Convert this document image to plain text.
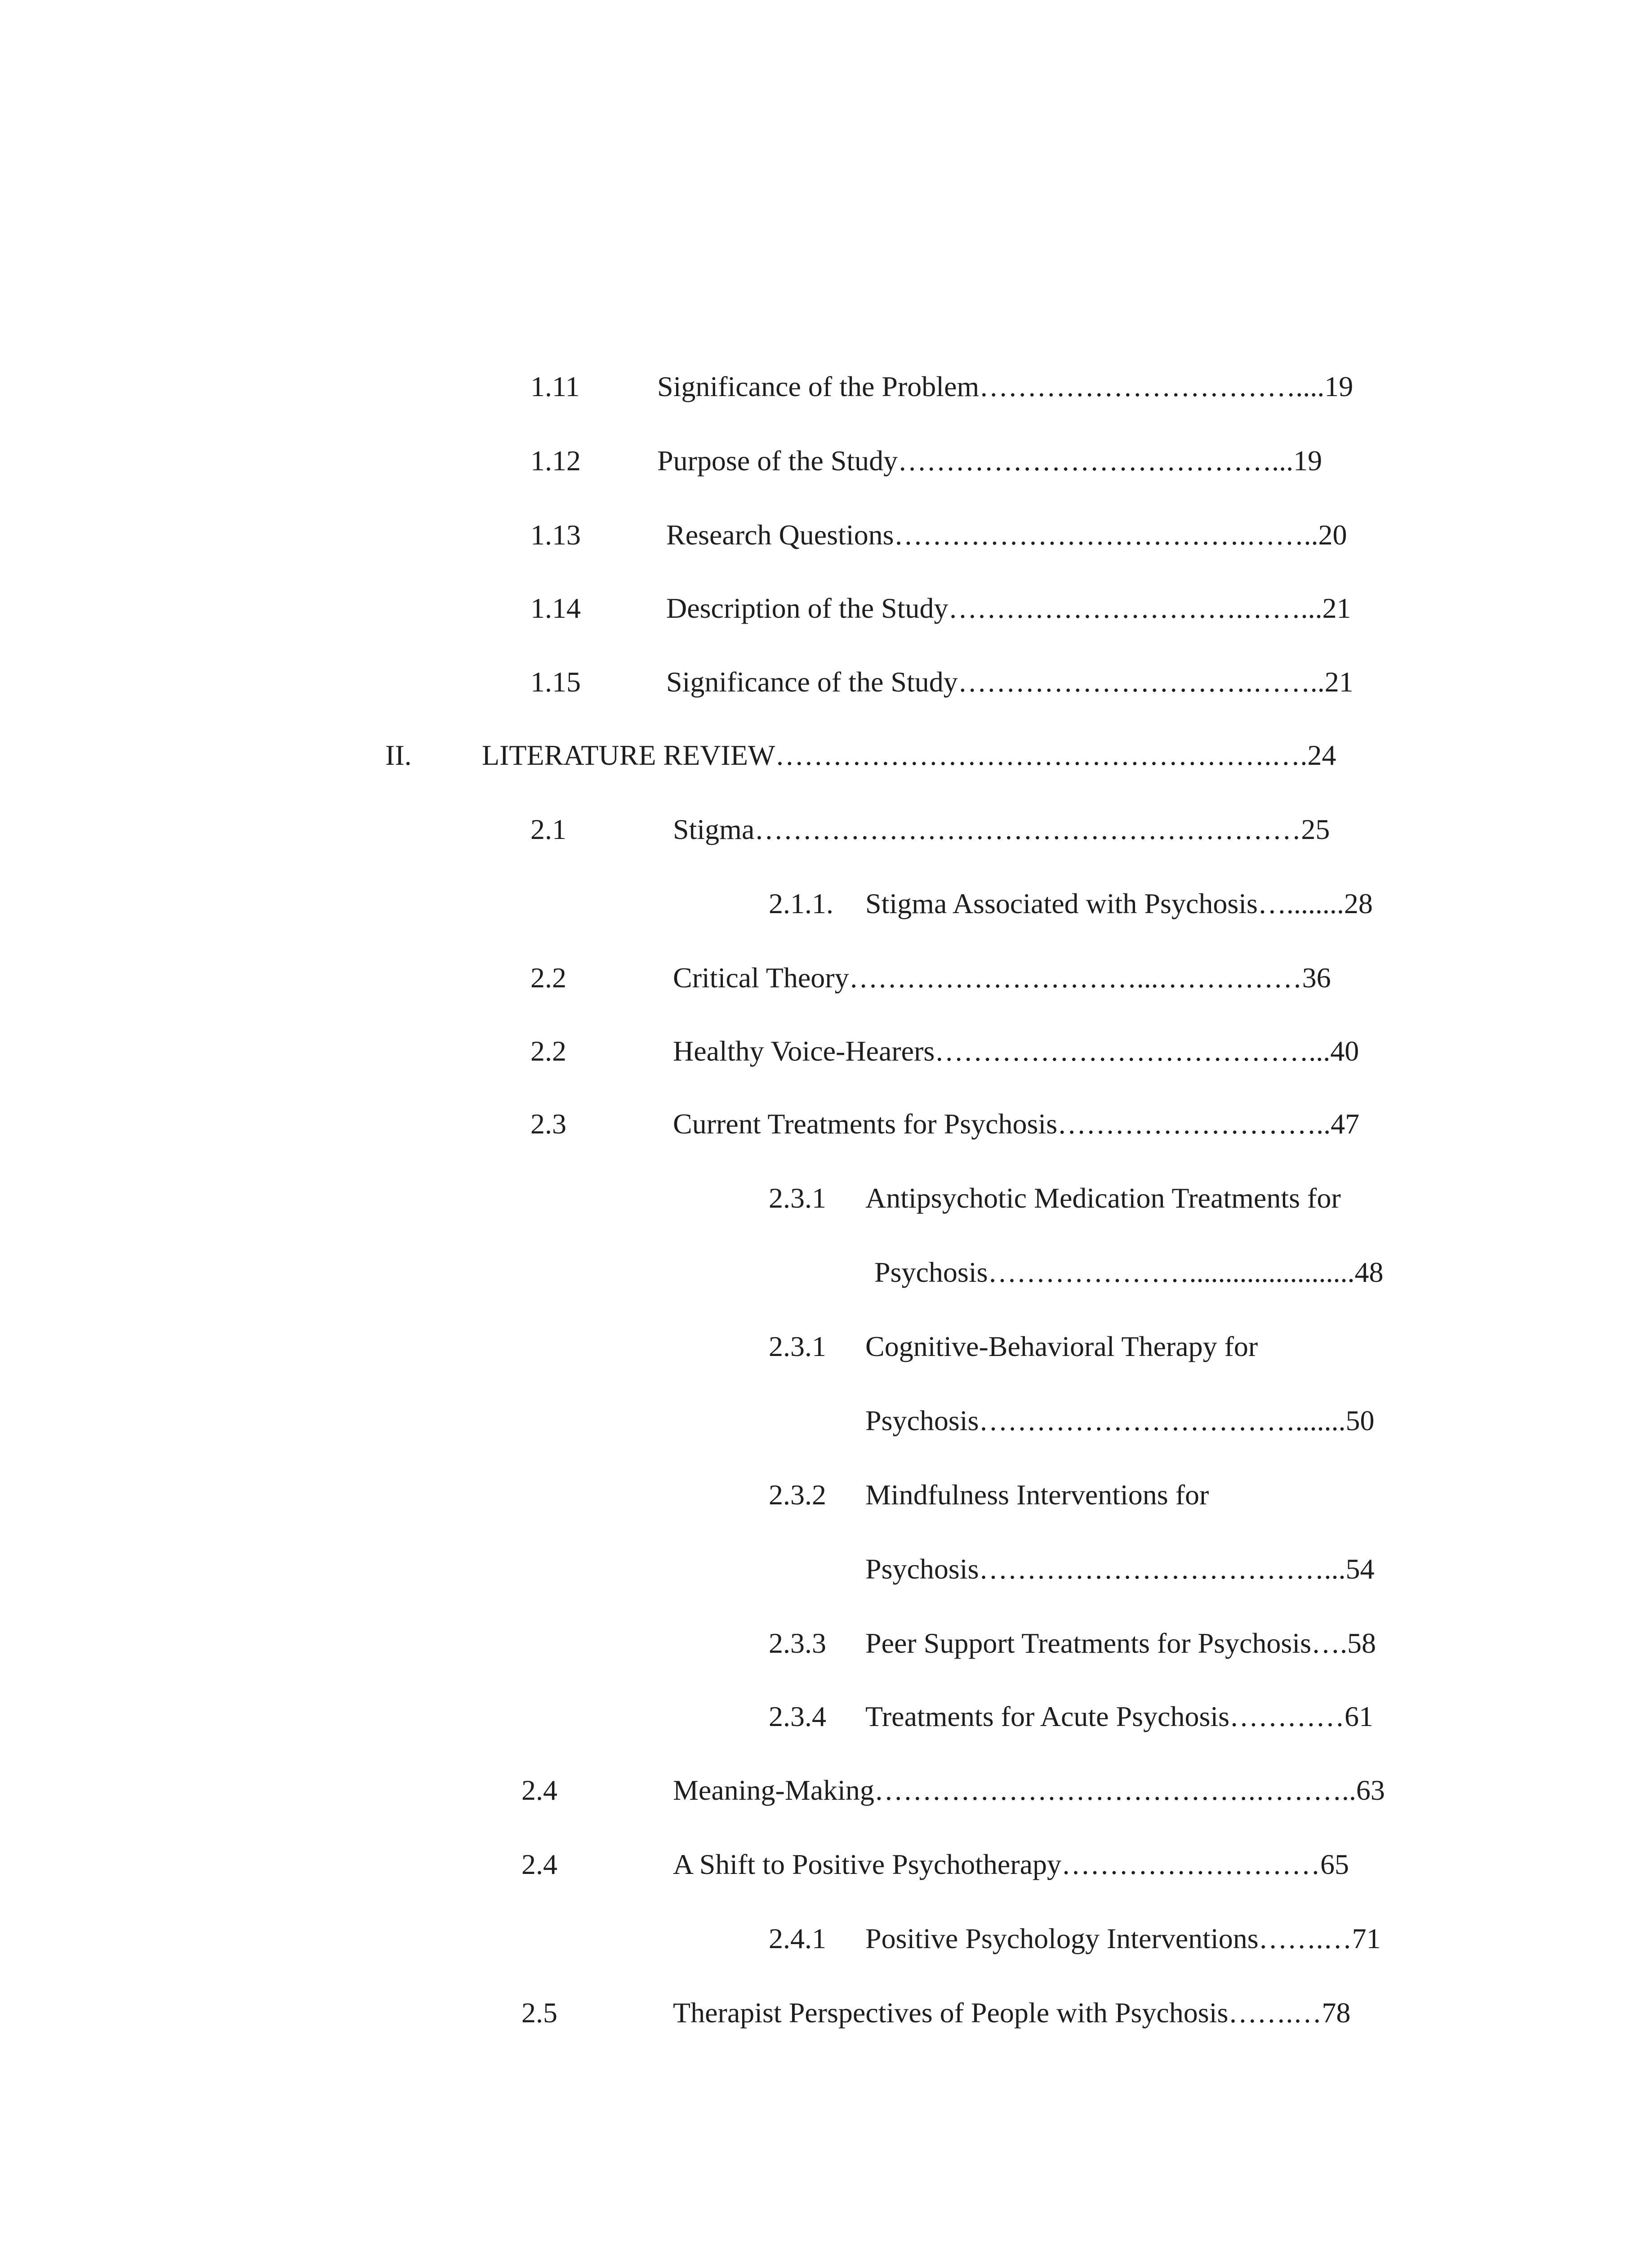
1.11	Significance of the Problem……………………………....19
1.12	Purpose of the Study…………………………………...19
1.13	Research Questions……………………………….……..20
1.14	Description of the Study………………………….……...21
1.15	Significance of the Study………………………….……..21
II. LITERATURE REVIEW…………………………………………….….24
2.1	Stigma…………………………………………………25
2.1.1. Stigma Associated with Psychosis…........28
2.2	Critical Theory…………………………...……………36
2.2	Healthy Voice-Hearers…………………………………...40
2.3	Current Treatments for Psychosis………………………..47
2.3.1 Antipsychotic Medication Treatments for
Psychosis………………….......................48
2.3.1 Cognitive-Behavioral Therapy for
Psychosis…………………………….......50
2.3.2 Mindfulness Interventions for
Psychosis………………………………...54
2.3.3 Peer Support Treatments for Psychosis….58
2.3.4 Treatments for Acute Psychosis…………61
2.4	Meaning-Making………………………………….………..63
2.4	A Shift to Positive Psychotherapy………………………65
2.4.1 Positive Psychology Interventions…….…71
2.5	Therapist Perspectives of People with Psychosis…….…78
